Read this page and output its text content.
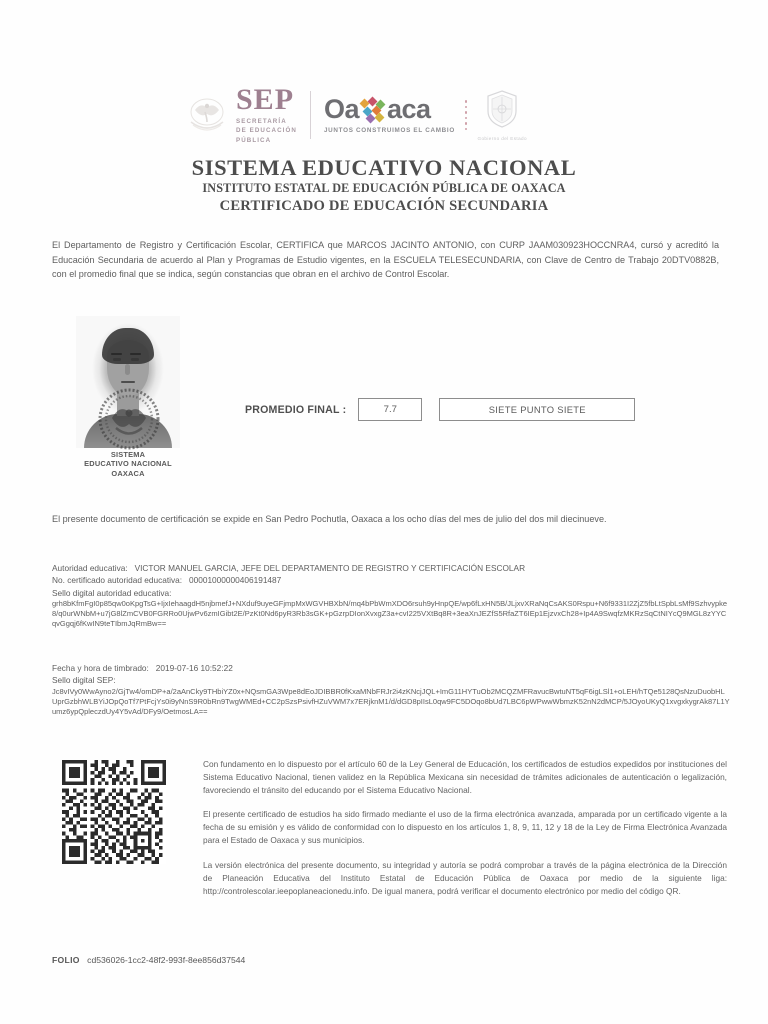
SEP
SECRETARÍA
DE EDUCACIÓN
PÚBLICA
Oa aca
JUNTOS CONSTRUIMOS EL CAMBIO
Gobierno del Estado
SISTEMA EDUCATIVO NACIONAL
INSTITUTO ESTATAL DE EDUCACIÓN PÚBLICA DE OAXACA
CERTIFICADO DE EDUCACIÓN SECUNDARIA
El Departamento de Registro y Certificación Escolar, CERTIFICA que MARCOS JACINTO ANTONIO, con CURP JAAM030923HOCCNRA4, cursó y acreditó la Educación Secundaria de acuerdo al Plan y Programas de Estudio vigentes, en la ESCUELA TELESECUNDARIA, con Clave de Centro de Trabajo 20DTV0882B, con el promedio final que se indica, según constancias que obran en el archivo de Control Escolar.
SISTEMA
EDUCATIVO NACIONAL
OAXACA
PROMEDIO FINAL :	7.7	SIETE PUNTO SIETE
El presente documento de certificación se expide en San Pedro Pochutla, Oaxaca a los ocho días del mes de julio del dos mil diecinueve.
Autoridad educativa: VICTOR MANUEL GARCIA, JEFE DEL DEPARTAMENTO DE REGISTRO Y CERTIFICACIÓN ESCOLAR
No. certificado autoridad educativa: 00001000000406191487
Sello digital autoridad educativa:
grh8bKfmFgI0p85qw0oKpgTsG+IjxIehaagdH5njbmefJ+NXduf9uyeGFjmpMxWGVHBXbN/mq4bPbWmXDO6rsuh9yHnpQE/wp6fLxHN5B/JLjxvXRaNqCsAKS0Rspu+N6f9331I2ZjZ5fbLtSpbLsMf9Szhvypke8/q0urWNbM+u7jG8lZmCVB0FGRRo0UjwPv6zmIGibt2E/PzKt0Nd6pyR3Rb3sGK+pGzrpDIonXvxgZ3a+cvI225VXtBq8R+3eaXnJEZfS5RfaZT6IEp1EjzvxCh28+Ip4A9SwqfzMKRzSqCtNIYcQ9MGL8zYYCqvGgqj6fKwIN9teTIbmJqRmBw==
Fecha y hora de timbrado: 2019-07-16 10:52:22
Sello digital SEP:
Jc8vIVy0WwAyno2/GjTw4/omDP+a/2aAnCky9THbiYZ0x+NQsmGA3Wpe8dEoJDIBBR0fKxaMNbFRJr2i4zKNcjJQL+ImG11HYTuOb2MCQZMFRavucBwtuNT5qF6igLSl1+oLEH/hTQe5128QsNzuDuobHLUprGzbhWLBYiJOpQoTf7PtFcjYs0i9yNnS9R0bRn9TwgWMEd+CC2pSzsPsivfHZuVWM7x7ERjknM1/d/dGD8pIIsL0qw9FC5DOqo8bUd7LBC6pWPwwWbmzK52nN2dMCP/5JOyoUKyQ1xvgxkygrAk87L1Yumz6ypQpleczdUy4Y5vAd/DFy9/OetmosLA==

Con fundamento en lo dispuesto por el artículo 60 de la Ley General de Educación, los certificados de estudios expedidos por instituciones del Sistema Educativo Nacional, tienen validez en la República Mexicana sin necesidad de trámites adicionales de autenticación o legalización, favoreciendo el tránsito del educando por el Sistema Educativo Nacional.

El presente certificado de estudios ha sido firmado mediante el uso de la firma electrónica avanzada, amparada por un certificado vigente a la fecha de su emisión y es válido de conformidad con lo dispuesto en los artículos 1, 8, 9, 11, 12 y 18 de la Ley de Firma Electrónica Avanzada para el Estado de Oaxaca y sus municipios.

La versión electrónica del presente documento, su integridad y autoría se podrá comprobar a través de la página electrónica de la Dirección de Planeación Educativa del Instituto Estatal de Educación Pública de Oaxaca por medio de la siguiente liga: http://controlescolar.ieepoplaneacionedu.info. De igual manera, podrá verificar el documento electrónico por medio del código QR.

FOLIO cd536026-1cc2-48f2-993f-8ee856d37544
